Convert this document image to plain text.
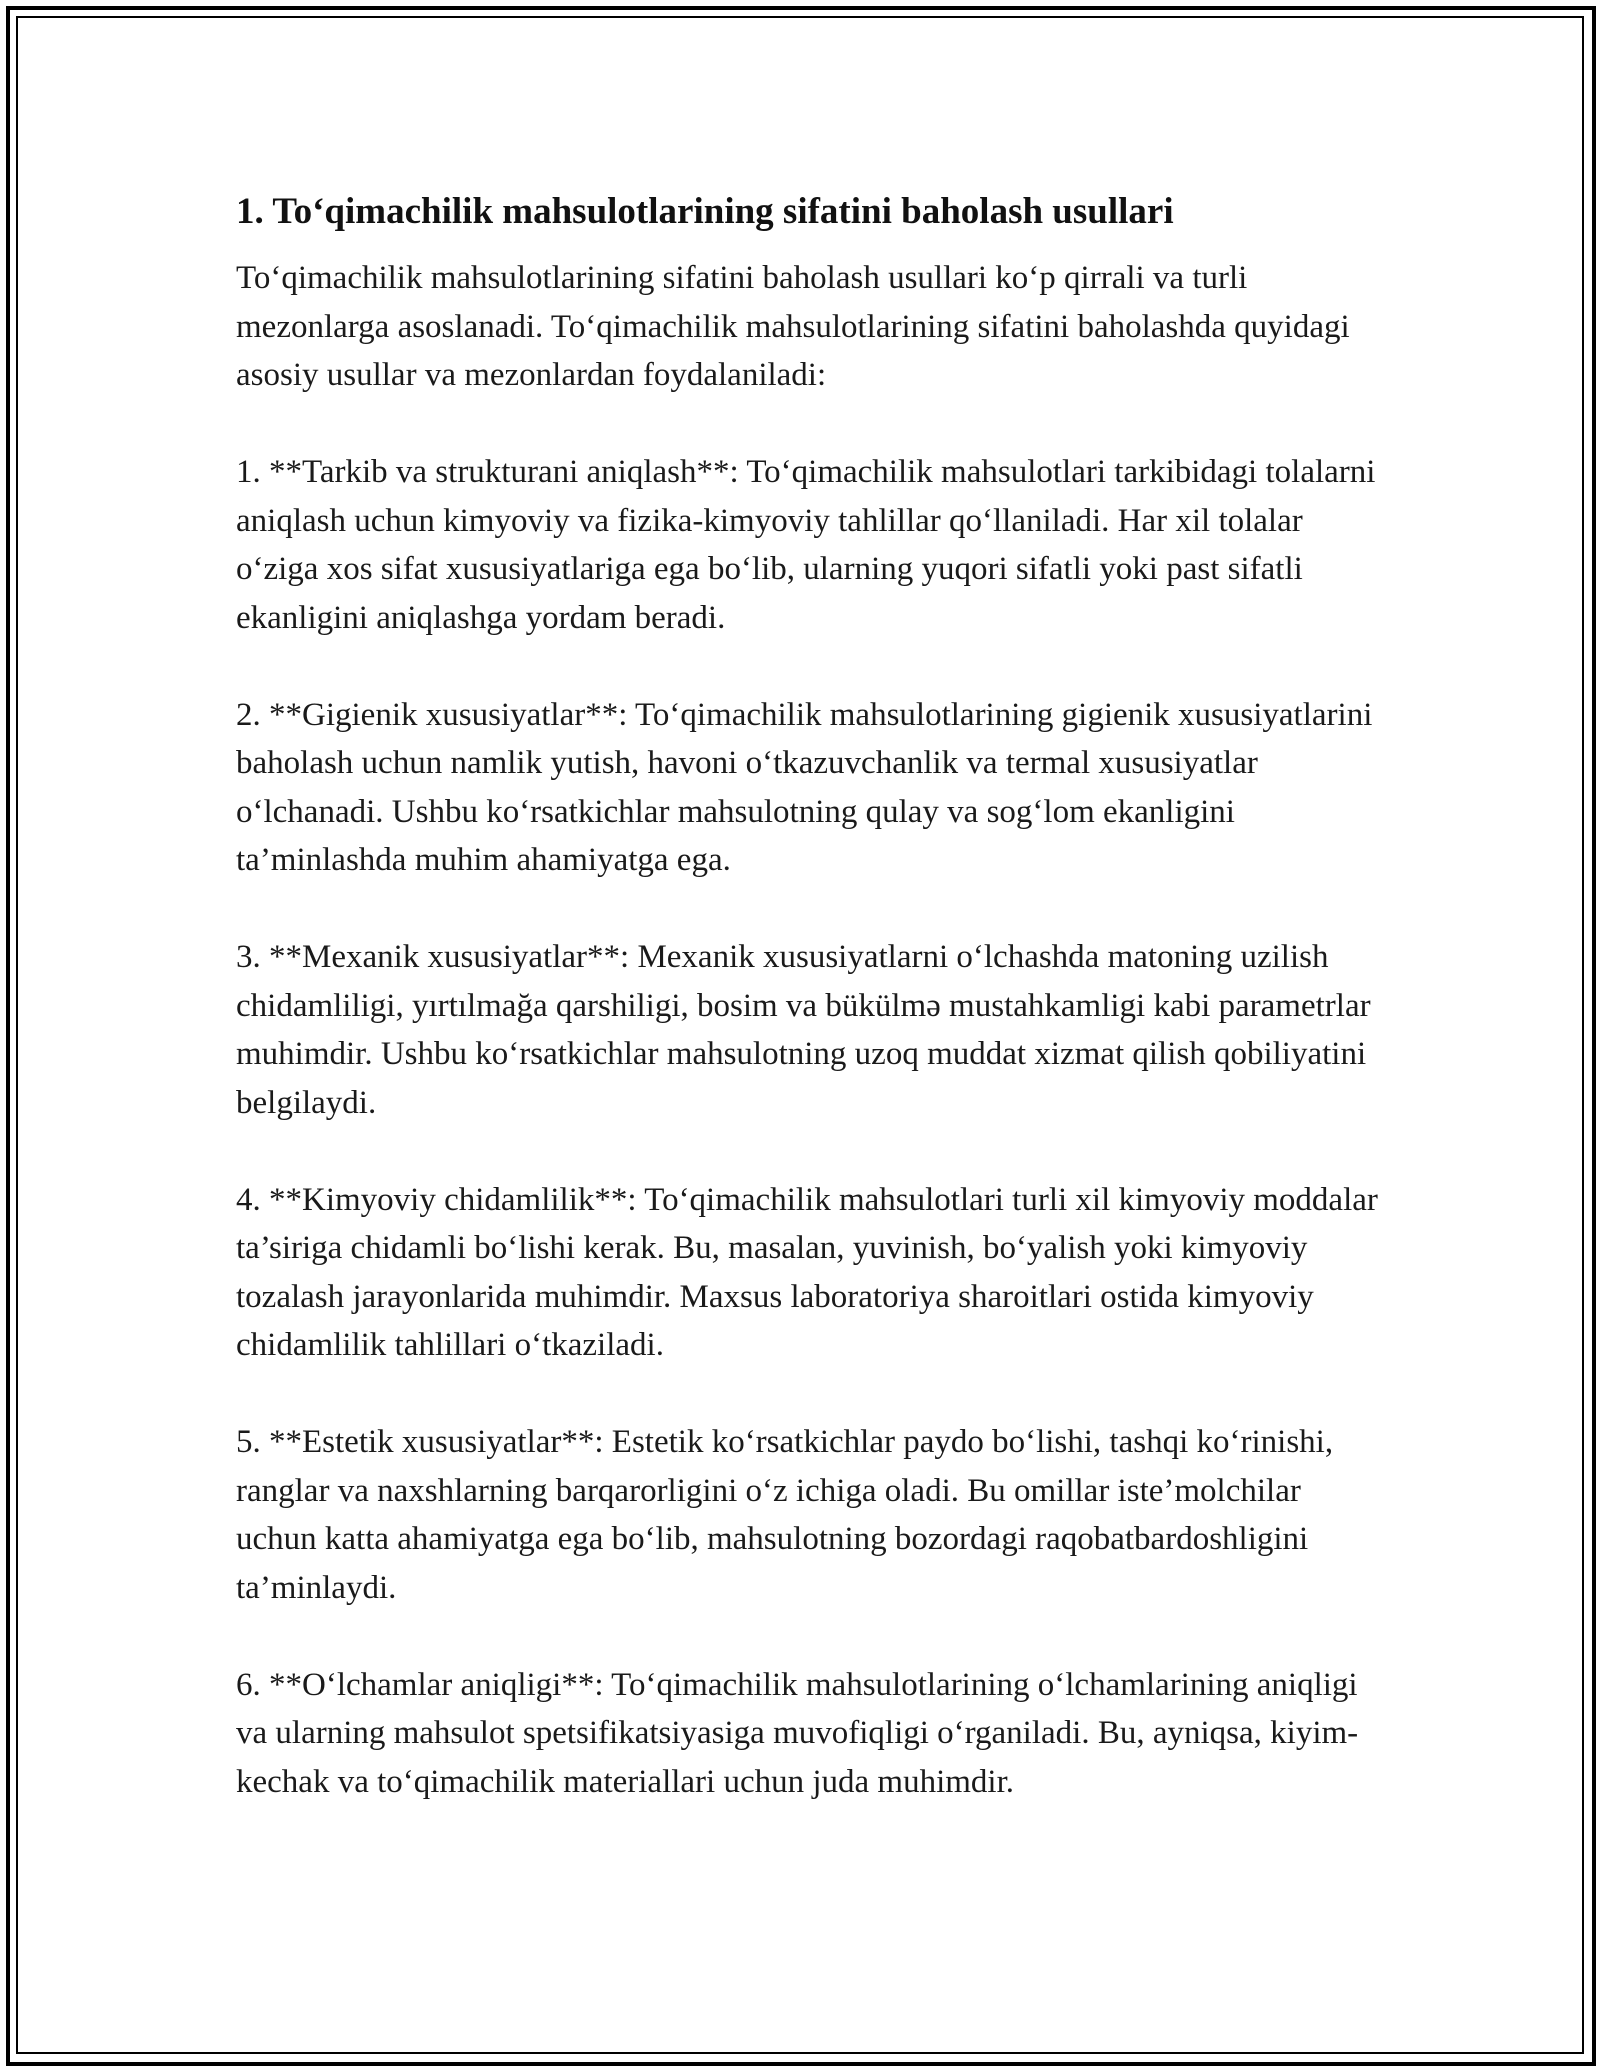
1. To‘qimachilik mahsulotlarining sifatini baholash usullari

To‘qimachilik mahsulotlarining sifatini baholash usullari ko‘p qirrali va turli mezonlarga asoslanadi. To‘qimachilik mahsulotlarining sifatini baholashda quyidagi asosiy usullar va mezonlardan foydalaniladi:

1. **Tarkib va strukturani aniqlash**: To‘qimachilik mahsulotlari tarkibidagi tolalarni aniqlash uchun kimyoviy va fizika-kimyoviy tahlillar qo‘llaniladi. Har xil tolalar o‘ziga xos sifat xususiyatlariga ega bo‘lib, ularning yuqori sifatli yoki past sifatli ekanligini aniqlashga yordam beradi.

2. **Gigienik xususiyatlar**: To‘qimachilik mahsulotlarining gigienik xususiyatlarini baholash uchun namlik yutish, havoni o‘tkazuvchanlik va termal xususiyatlar o‘lchanadi. Ushbu ko‘rsatkichlar mahsulotning qulay va sog‘lom ekanligini ta’minlashda muhim ahamiyatga ega.

3. **Mexanik xususiyatlar**: Mexanik xususiyatlarni o‘lchashda matoning uzilish chidamliligi, yırtılmağa qarshiligi, bosim va bükülmə mustahkamligi kabi parametrlar muhimdir. Ushbu ko‘rsatkichlar mahsulotning uzoq muddat xizmat qilish qobiliyatini belgilaydi.

4. **Kimyoviy chidamlilik**: To‘qimachilik mahsulotlari turli xil kimyoviy moddalar ta’siriga chidamli bo‘lishi kerak. Bu, masalan, yuvinish, bo‘yalish yoki kimyoviy tozalash jarayonlarida muhimdir. Maxsus laboratoriya sharoitlari ostida kimyoviy chidamlilik tahlillari o‘tkaziladi.

5. **Estetik xususiyatlar**: Estetik ko‘rsatkichlar paydo bo‘lishi, tashqi ko‘rinishi, ranglar va naxshlarning barqarorligini o‘z ichiga oladi. Bu omillar iste’molchilar uchun katta ahamiyatga ega bo‘lib, mahsulotning bozordagi raqobatbardoshligini ta’minlaydi.

6. **O‘lchamlar aniqligi**: To‘qimachilik mahsulotlarining o‘lchamlarining aniqligi va ularning mahsulot spetsifikatsiyasiga muvofiqligi o‘rganiladi. Bu, ayniqsa, kiyim-kechak va to‘qimachilik materiallari uchun juda muhimdir.
